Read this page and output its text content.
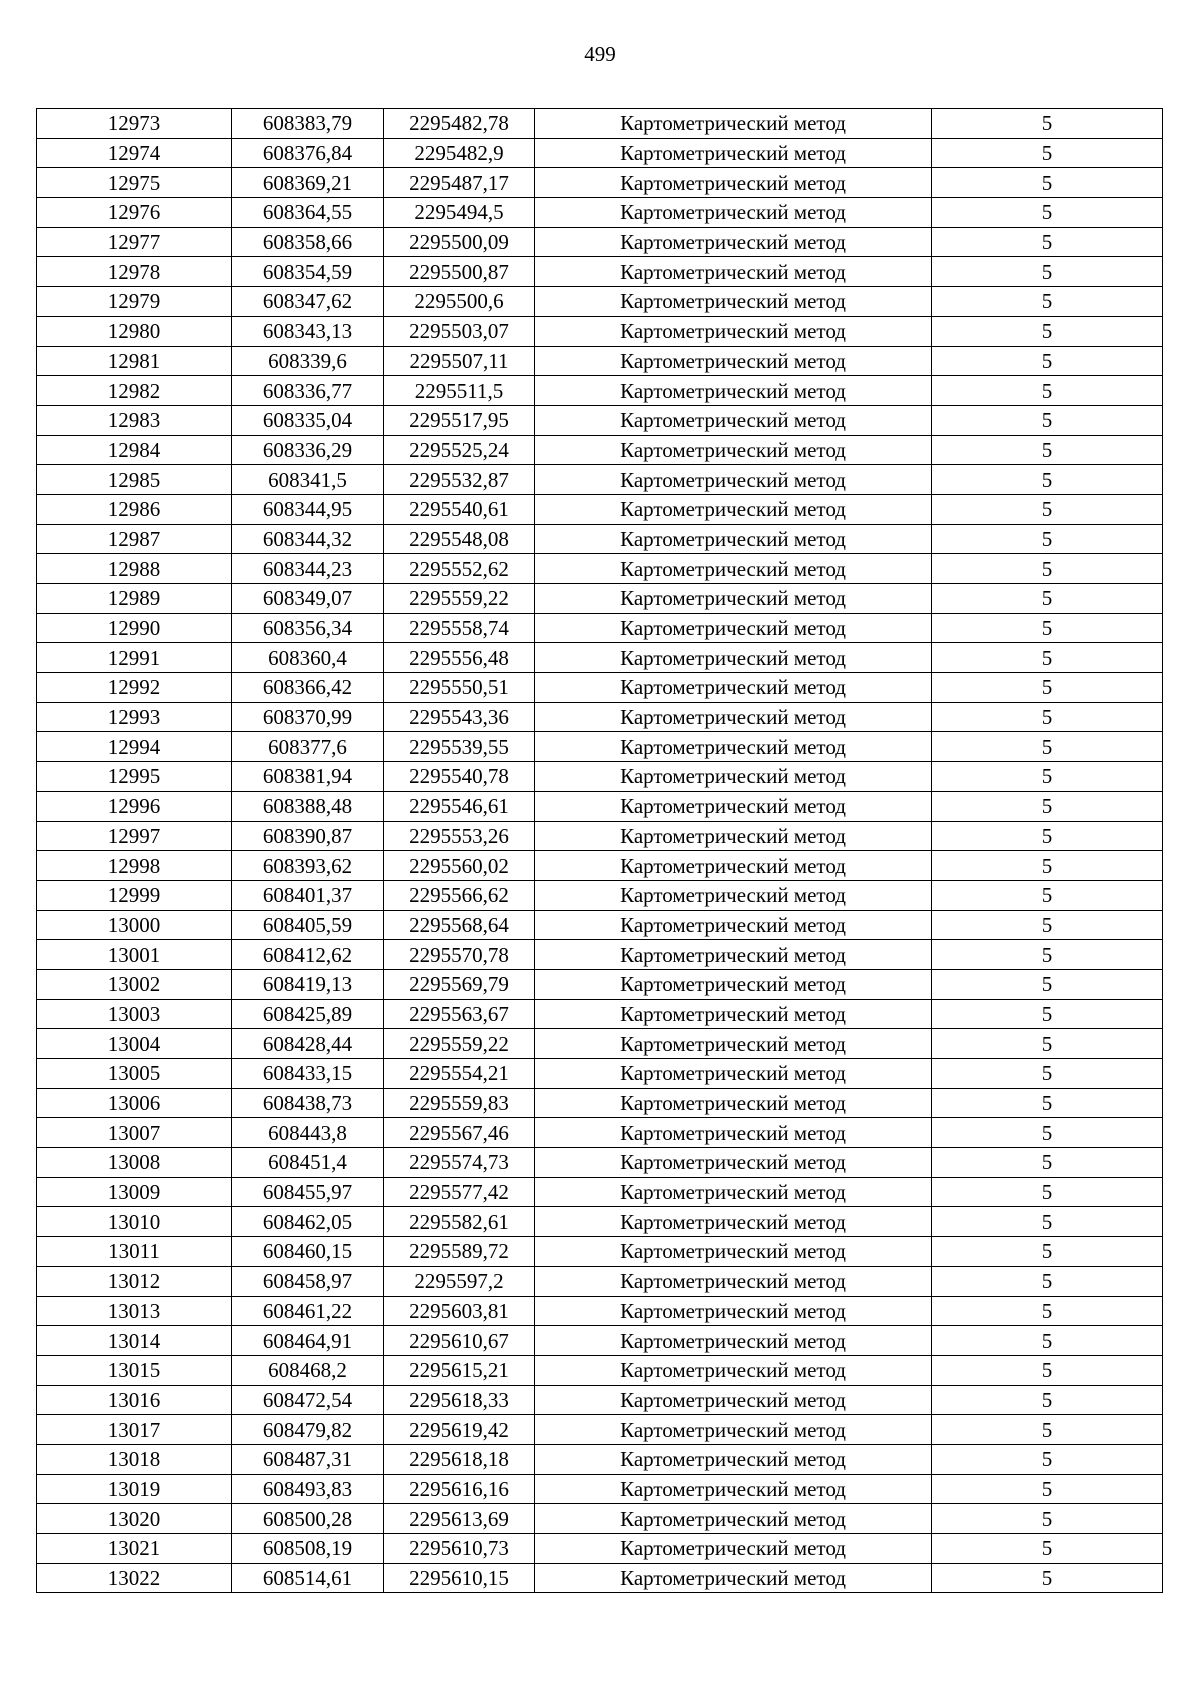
499
12973	608383,79	2295482,78	Картометрический метод	5
12974	608376,84	2295482,9	Картометрический метод	5
12975	608369,21	2295487,17	Картометрический метод	5
12976	608364,55	2295494,5	Картометрический метод	5
12977	608358,66	2295500,09	Картометрический метод	5
12978	608354,59	2295500,87	Картометрический метод	5
12979	608347,62	2295500,6	Картометрический метод	5
12980	608343,13	2295503,07	Картометрический метод	5
12981	608339,6	2295507,11	Картометрический метод	5
12982	608336,77	2295511,5	Картометрический метод	5
12983	608335,04	2295517,95	Картометрический метод	5
12984	608336,29	2295525,24	Картометрический метод	5
12985	608341,5	2295532,87	Картометрический метод	5
12986	608344,95	2295540,61	Картометрический метод	5
12987	608344,32	2295548,08	Картометрический метод	5
12988	608344,23	2295552,62	Картометрический метод	5
12989	608349,07	2295559,22	Картометрический метод	5
12990	608356,34	2295558,74	Картометрический метод	5
12991	608360,4	2295556,48	Картометрический метод	5
12992	608366,42	2295550,51	Картометрический метод	5
12993	608370,99	2295543,36	Картометрический метод	5
12994	608377,6	2295539,55	Картометрический метод	5
12995	608381,94	2295540,78	Картометрический метод	5
12996	608388,48	2295546,61	Картометрический метод	5
12997	608390,87	2295553,26	Картометрический метод	5
12998	608393,62	2295560,02	Картометрический метод	5
12999	608401,37	2295566,62	Картометрический метод	5
13000	608405,59	2295568,64	Картометрический метод	5
13001	608412,62	2295570,78	Картометрический метод	5
13002	608419,13	2295569,79	Картометрический метод	5
13003	608425,89	2295563,67	Картометрический метод	5
13004	608428,44	2295559,22	Картометрический метод	5
13005	608433,15	2295554,21	Картометрический метод	5
13006	608438,73	2295559,83	Картометрический метод	5
13007	608443,8	2295567,46	Картометрический метод	5
13008	608451,4	2295574,73	Картометрический метод	5
13009	608455,97	2295577,42	Картометрический метод	5
13010	608462,05	2295582,61	Картометрический метод	5
13011	608460,15	2295589,72	Картометрический метод	5
13012	608458,97	2295597,2	Картометрический метод	5
13013	608461,22	2295603,81	Картометрический метод	5
13014	608464,91	2295610,67	Картометрический метод	5
13015	608468,2	2295615,21	Картометрический метод	5
13016	608472,54	2295618,33	Картометрический метод	5
13017	608479,82	2295619,42	Картометрический метод	5
13018	608487,31	2295618,18	Картометрический метод	5
13019	608493,83	2295616,16	Картометрический метод	5
13020	608500,28	2295613,69	Картометрический метод	5
13021	608508,19	2295610,73	Картометрический метод	5
13022	608514,61	2295610,15	Картометрический метод	5
